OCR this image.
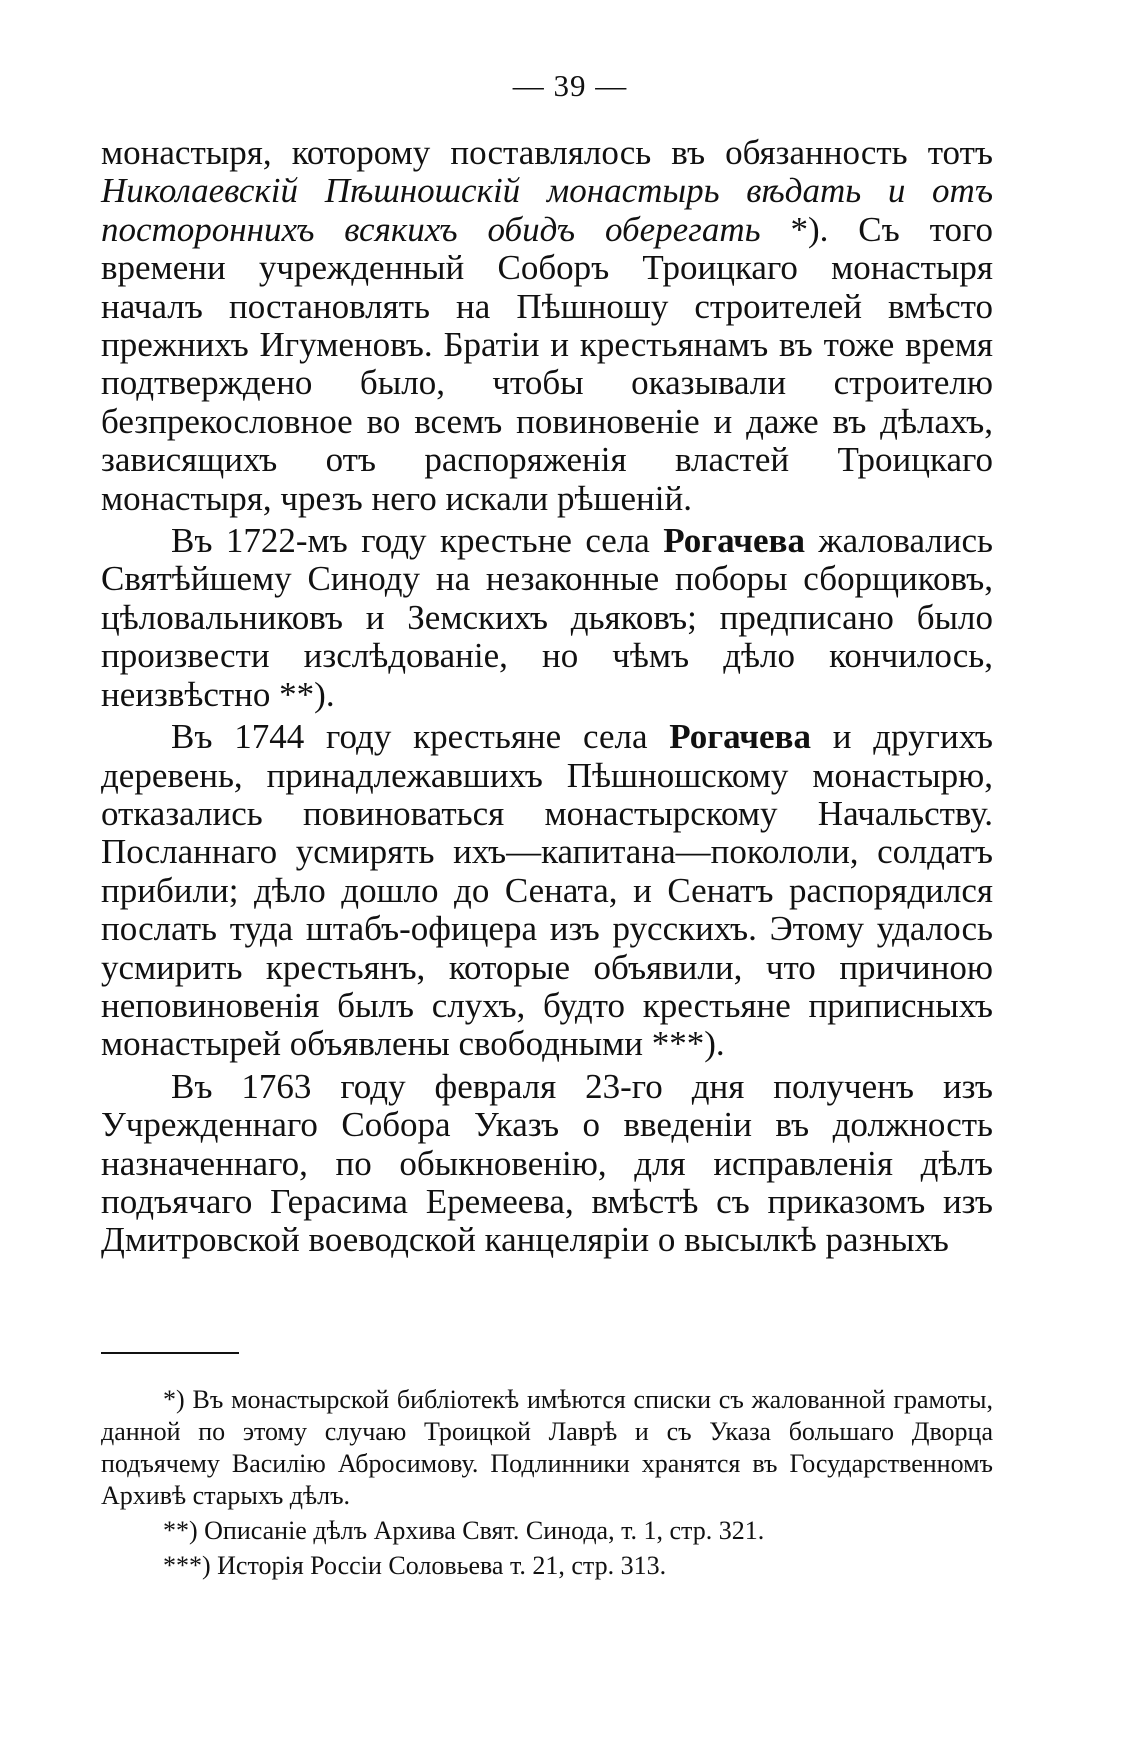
— 39 —

монастыря, которому поставлялось въ обязанность тотъ Николаевскій Пѣшношскій монастырь вѣдать и отъ постороннихъ всякихъ обидъ оберегать *). Съ того времени учрежденный Соборъ Троицкаго монастыря началъ постановлять на Пѣшношу строителей вмѣсто прежнихъ Игуменовъ. Братіи и крестьянамъ въ тоже время подтверждено было, чтобы оказывали строителю безпрекословное во всемъ повиновеніе и даже въ дѣлахъ, зависящихъ отъ распоряженія властей Троицкаго монастыря, чрезъ него искали рѣшеній.

Въ 1722-мъ году крестьне села Рогачева жаловались Святѣйшему Синоду на незаконные поборы сборщиковъ, цѣловальниковъ и Земскихъ дьяковъ; предписано было произвести изслѣдованіе, но чѣмъ дѣло кончилось, неизвѣстно **).

Въ 1744 году крестьяне села Рогачева и другихъ деревень, принадлежавшихъ Пѣшношскому монастырю, отказались повиноваться монастырскому Начальству. Посланнаго усмирять ихъ—капитана—покололи, солдатъ прибили; дѣло дошло до Сената, и Сенатъ распорядился послать туда штабъ-офицера изъ русскихъ. Этому удалось усмирить крестьянъ, которые объявили, что причиною неповиновенія былъ слухъ, будто крестьяне приписныхъ монастырей объявлены свободными ***).

Въ 1763 году февраля 23-го дня полученъ изъ Учрежденнаго Собора Указъ о введеніи въ должность назначеннаго, по обыкновенію, для исправленія дѣлъ подъячаго Герасима Еремеева, вмѣстѣ съ приказомъ изъ Дмитровской воеводской канцеляріи о высылкѣ разныхъ

*) Въ монастырской библіотекѣ имѣются списки съ жалованной грамоты, данной по этому случаю Троицкой Лаврѣ и съ Указа большаго Дворца подъячему Василію Абросимову. Подлинники хранятся въ Государственномъ Архивѣ старыхъ дѣлъ.

**) Описаніе дѣлъ Архива Свят. Синода, т. 1, стр. 321.

***) Исторія Россіи Соловьева т. 21, стр. 313.
